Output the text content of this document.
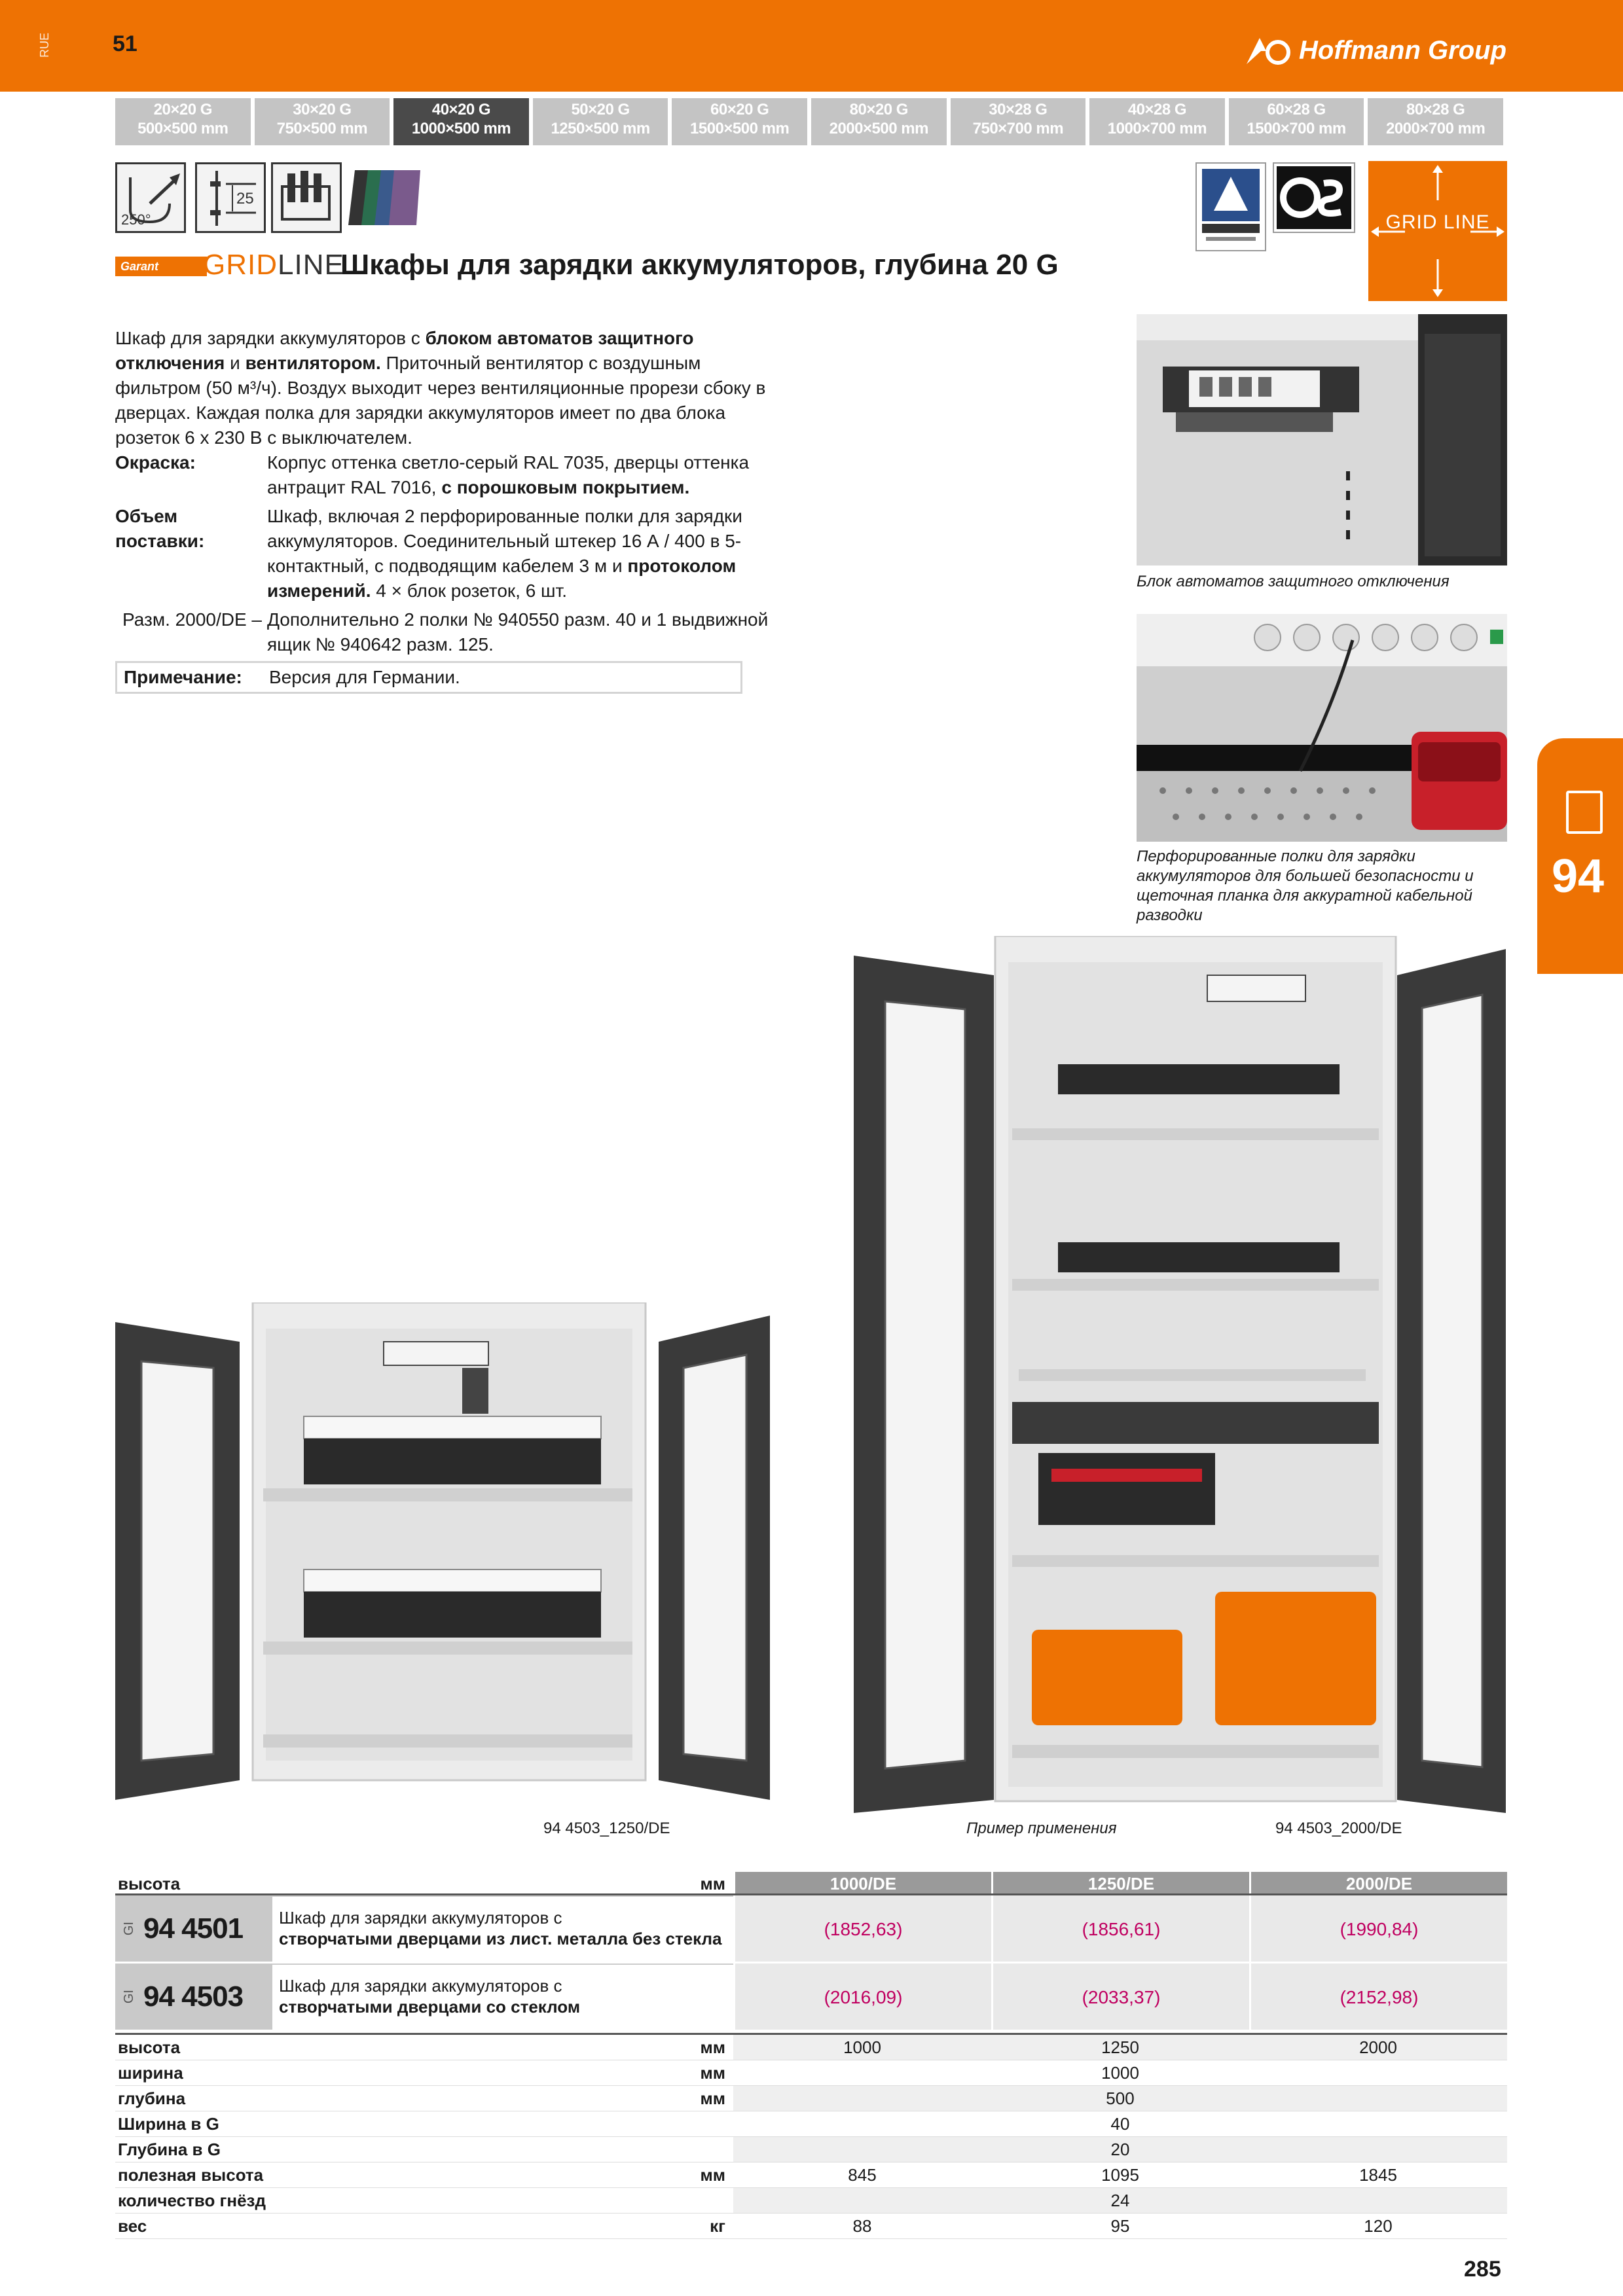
RUE	51	Hoffmann Group
20×20 G
500×500 mm
30×20 G
750×500 mm
40×20 G
1000×500 mm
50×20 G
1250×500 mm
60×20 G
1500×500 mm
80×20 G
2000×500 mm
30×28 G
750×700 mm
40×28 G
1000×700 mm
60×28 G
1500×700 mm
80×28 G
2000×700 mm
250°
25
GRID LINE
Garant	GRIDLINE
Шкафы для зарядки аккумуляторов, глубина 20 G
Шкаф для зарядки аккумуляторов с блоком автоматов защитного отключения и вентилятором. Приточный вентилятор с воздушным фильтром (50 м³/ч). Воздух выходит через вентиляционные прорези сбоку в дверцах. Каждая полка для зарядки аккумуляторов имеет по два блока розеток 6 x 230 В с выключателем.
Окраска:	Корпус оттенка светло-серый RAL 7035, дверцы оттенка антрацит RAL 7016, с порошковым покрытием.
Объем поставки:
Шкаф, включая 2 перфорированные полки для зарядки аккумуляторов. Соединительный штекер 16 А / 400 в 5-контактный, с подводящим кабелем 3 м и протоколом измерений. 4 × блок розеток, 6 шт.
Разм. 2000/DE – Дополнительно 2 полки № 940550 разм. 40 и 1 выдвижной ящик № 940642 разм. 125.
Примечание:	Версия для Германии.
Блок автоматов защитного отключения
Перфорированные полки для зарядки аккумуляторов для большей безопасности и щеточная планка для аккуратной кабельной разводки
94
94 4503_1250/DE	Пример применения	94 4503_2000/DE
высота	мм	1000/DE	1250/DE	2000/DE
GI 94 4501	Шкаф для зарядки аккумуляторов с
створчатыми дверцами из лист. металла без стекла	(1852,63)	(1856,61)	(1990,84)
GI 94 4503	Шкаф для зарядки аккумуляторов с
створчатыми дверцами со стеклом	(2016,09)	(2033,37)	(2152,98)
высота	мм	1000	1250	2000
ширина	мм	1000
глубина	мм	500
Ширина в G	40
Глубина в G	20
полезная высота	мм	845	1095	1845
количество гнёзд	24
вес	кг	88	95	120
285
